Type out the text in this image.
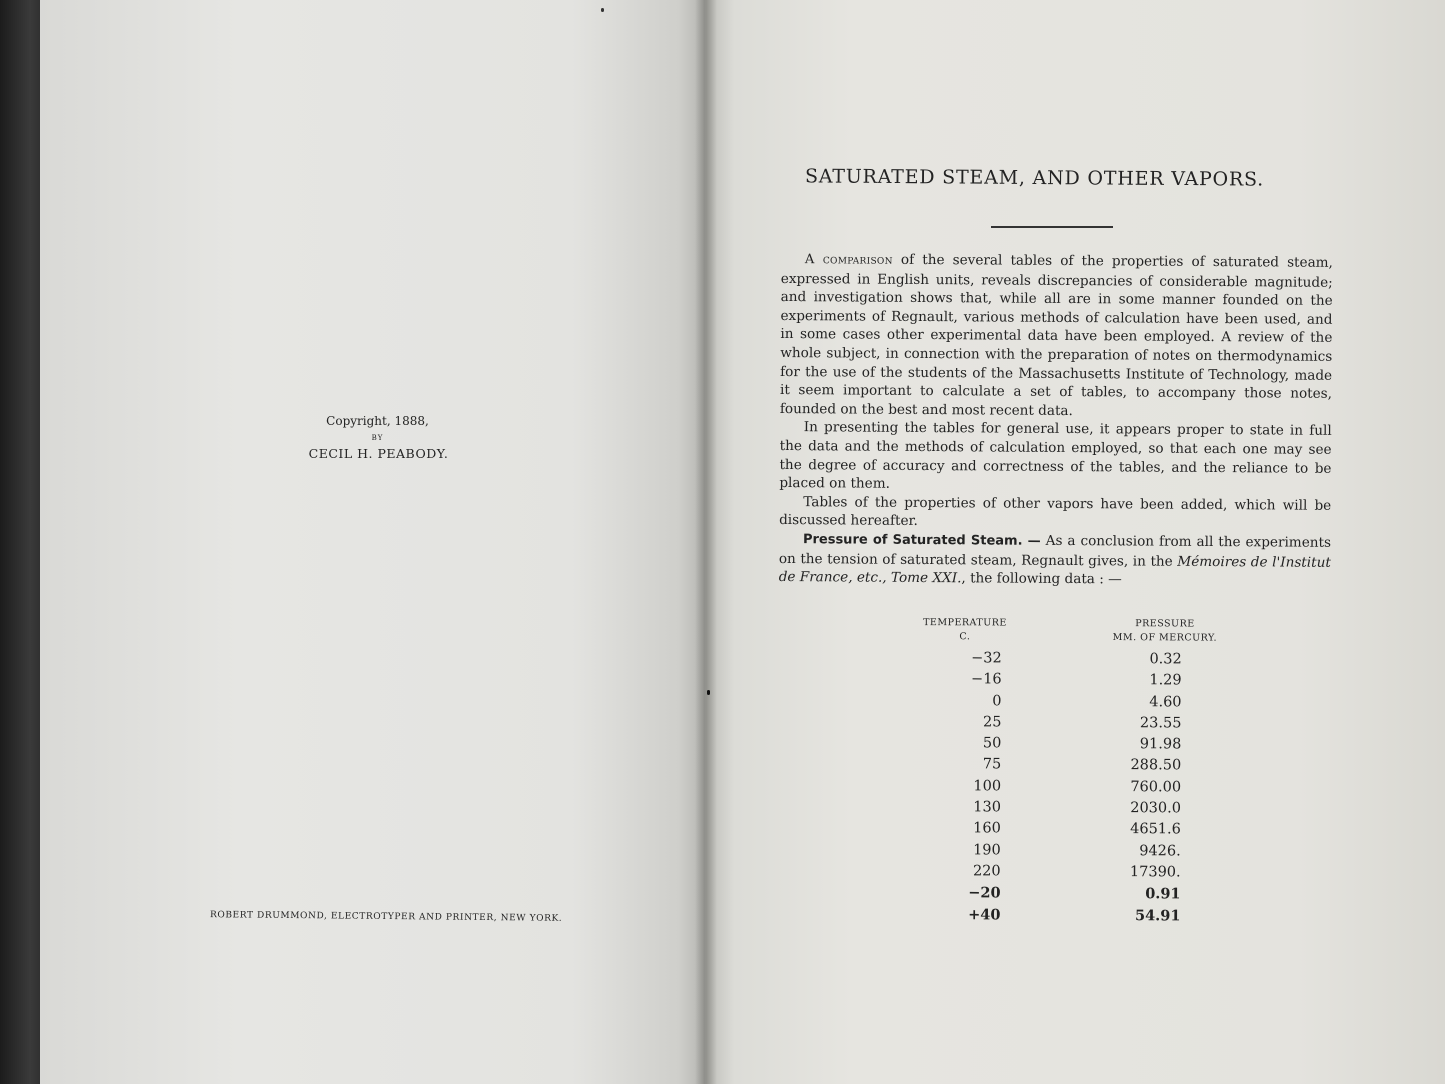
Copyright, 1888,
BY
CECIL H. PEABODY.
ROBERT DRUMMOND, ELECTROTYPER AND PRINTER, NEW YORK.
SATURATED STEAM, AND OTHER VAPORS.

A comparison of the several tables of the properties of saturated steam, expressed in English units, reveals discrepancies of considerable magnitude; and investigation shows that, while all are in some manner founded on the experiments of Regnault, various methods of calculation have been used, and in some cases other experimental data have been employed. A review of the whole subject, in connection with the preparation of notes on thermodynamics for the use of the students of the Massachusetts Institute of Technology, made it seem important to calculate a set of tables, to accompany those notes, founded on the best and most recent data.

In presenting the tables for general use, it appears proper to state in full the data and the methods of calculation employed, so that each one may see the degree of accuracy and correctness of the tables, and the reliance to be placed on them.

Tables of the properties of other vapors have been added, which will be discussed hereafter.

Pressure of Saturated Steam. — As a conclusion from all the experiments on the tension of saturated steam, Regnault gives, in the Mémoires de l'Institut de France, etc., Tome XXI., the following data : —

TEMPERATURE
C.
PRESSURE
MM. OF MERCURY.
−32	0.32
−16	1.29
0	4.60
25	23.55
50	91.98
75	288.50
100	760.00
130	2030.0
160	4651.6
190	9426.
220	17390.
−20	0.91
+40	54.91
